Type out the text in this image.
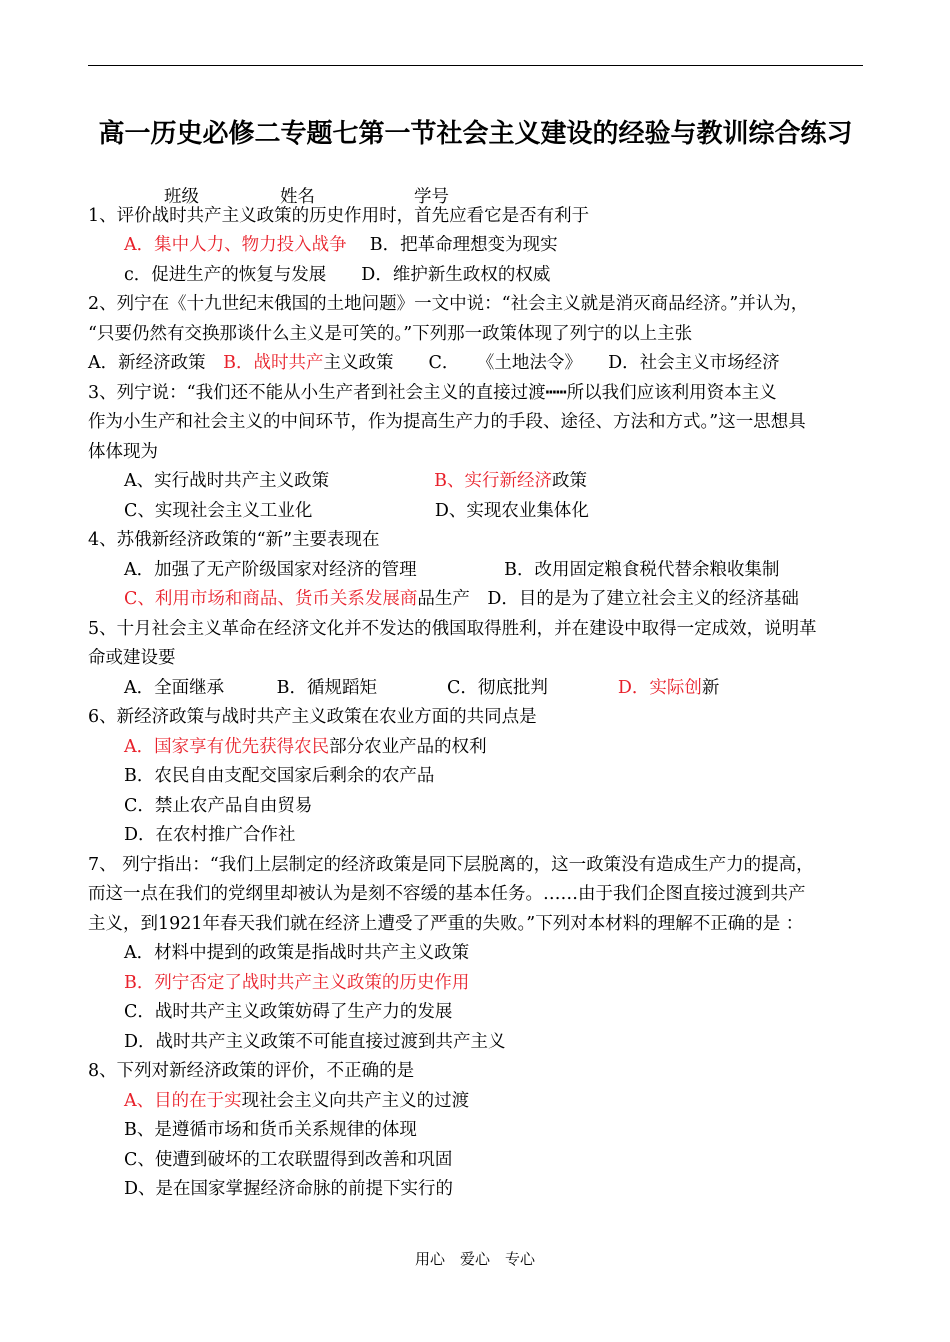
高一历史必修二专题七第一节社会主义建设的经验与教训综合练习
班级	姓名	学号
1、评价战时共产主义政策的历史作用时，首先应看它是否有利于
A．集中人力、物力投入战争　 B．把革命理想变为现实
c．促进生产的恢复与发展　　D．维护新生政权的权威
2、列宁在《十九世纪末俄国的土地问题》一文中说：“社会主义就是消灭商品经济。”并认为，
“只要仍然有交换那谈什么主义是可笑的。”下列那一政策体现了列宁的以上主张
A．新经济政策　B．战时共产主义政策　　C．　　《土地法令》　　D．社会主义市场经济
3、列宁说：“我们还不能从小生产者到社会主义的直接过渡┅┅所以我们应该利用资本主义
作为小生产和社会主义的中间环节，作为提高生产力的手段、途径、方法和方式。”这一思想具
体体现为
A、实行战时共产主义政策　　　　　　B、实行新经济政策
C、实现社会主义工业化　　　　　　　D、实现农业集体化
4、苏俄新经济政策的“新”主要表现在
A．加强了无产阶级国家对经济的管理　　　　　B．改用固定粮食税代替余粮收集制
C、利用市场和商品、货币关系发展商品生产　D．目的是为了建立社会主义的经济基础
5、十月社会主义革命在经济文化并不发达的俄国取得胜利，并在建设中取得一定成效，说明革
命或建设要
A．全面继承　　　B．循规蹈矩　　　　C．彻底批判　　　　D．实际创新
6、新经济政策与战时共产主义政策在农业方面的共同点是
A．国家享有优先获得农民部分农业产品的权利
B．农民自由支配交国家后剩余的农产品
C．禁止农产品自由贸易
D．在农村推广合作社
7、 列宁指出：“我们上层制定的经济政策是同下层脱离的，这一政策没有造成生产力的提高，
而这一点在我们的党纲里却被认为是刻不容缓的基本任务。……由于我们企图直接过渡到共产
主义，到1921年春天我们就在经济上遭受了严重的失败。”下列对本材料的理解不正确的是 ：
A．材料中提到的政策是指战时共产主义政策
B．列宁否定了战时共产主义政策的历史作用
C．战时共产主义政策妨碍了生产力的发展
D．战时共产主义政策不可能直接过渡到共产主义
8、下列对新经济政策的评价，不正确的是
A、目的在于实现社会主义向共产主义的过渡
B、是遵循市场和货币关系规律的体现
C、使遭到破坏的工农联盟得到改善和巩固
D、是在国家掌握经济命脉的前提下实行的
用心　爱心　专心
